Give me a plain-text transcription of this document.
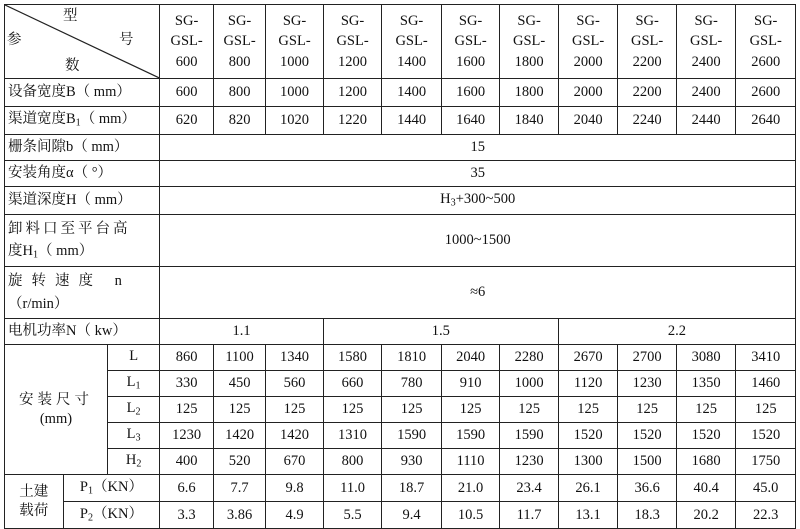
型
参 号
数			SG-
GSL-
600	SG-
GSL-
800	SG-
GSL-
1000	SG-
GSL-
1200	SG-
GSL-
1400	SG-
GSL-
1600	SG-
GSL-
1800	SG-
GSL-
2000	SG-
GSL-
2200	SG-
GSL-
2400	SG-
GSL-
2600
设备宽度B（ mm）			600	800	1000	1200	1400	1600	1800	2000	2200	2400	2600
渠道宽度$B_1$（ mm）			620	820	1020	1220	1440	1640	1840	2040	2240	2440	2640
栅条间隙b（ mm）			15										
安装角度α（ °）			35										
渠道深度H（ mm）			$H_3+300\sim 500$										
卸料口至平台高
度$H_1$（ mm）			1000~1500										
旋转速度 n
（r/min）			≈6										
电机功率N（ kw）			1.1			1.5				2.2			
安装尺寸
(mm)		L	860	1100	1340	1580	1810	2040	2280	2670	2700	3080	3410
		$L_1$	330	450	560	660	780	910	1000	1120	1230	1350	1460
		$L_2$	125	125	125	125	125	125	125	125	125	125	125
		$L_3$	1230	1420	1420	1310	1590	1590	1590	1520	1520	1520	1520
		$H_2$	400	520	670	800	930	1110	1230	1300	1500	1680	1750
土建
载荷	$P_1(KN)$		6.6	7.7	9.8	11.0	18.7	21.0	23.4	26.1	36.6	40.4	45.0
	$P_2(KN)$		3.3	3.86	4.9	5.5	9.4	10.5	11.7	13.1	18.3	20.2	22.3
